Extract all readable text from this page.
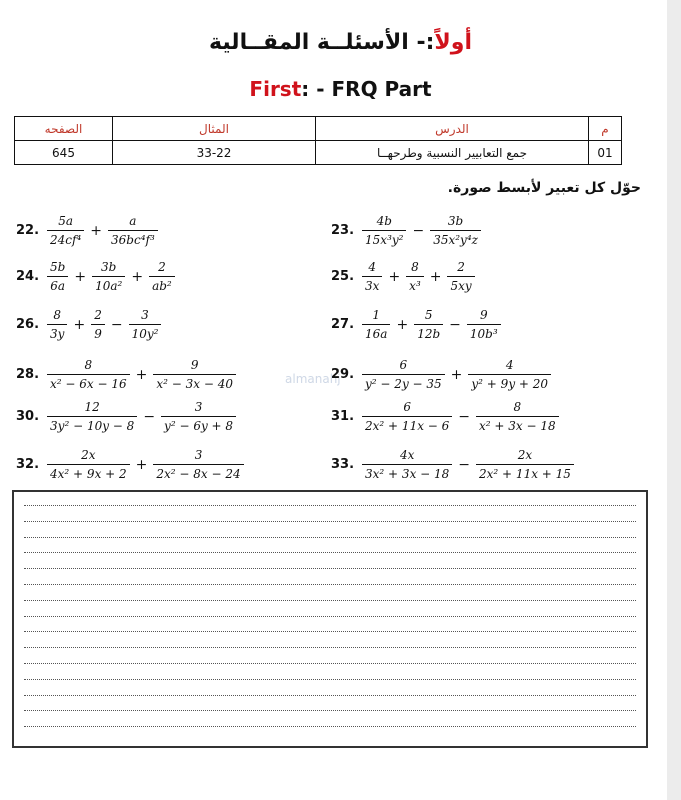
أولاً:- الأسئلــة المقــالية
First: - FRQ Part
م	الدرس	المثال	الصفحه
01	جمع التعابيير النسبية وطرحهــا	33-22	645
حوّل كل تعبير لأبسط صورة.
almanahj
22. $\frac{5a}{\text{24cf⁴}} + \frac{a}{\text{36bc⁴f³}}$	23. $\frac{4b}{\text{15x³y²}} - \frac{3b}{\text{35x²y⁴z}}$
24. $\frac{5b}{6a} + \frac{3b}{\text{10a²}} + \frac{2}{\text{ab²}}$	25. $\frac{4}{3x} + \frac{8}{\text{x³}} + \frac{2}{5xy}$
26. $\frac{8}{3y} + \frac{2}{9} - \frac{3}{\text{10y²}}$	27. $\frac{1}{16a} + \frac{5}{12b} - \frac{9}{\text{10b³}}$
28. $\frac{8}{\text{x² − 6x − 16}} + \frac{9}{\text{x² − 3x − 40}}$	29. $\frac{6}{\text{y² − 2y − 35}} + \frac{4}{\text{y² + 9y + 20}}$
30. $\frac{12}{\text{3y² − 10y − 8}} - \frac{3}{\text{y² − 6y + 8}}$	31. $\frac{6}{\text{2x² + 11x − 6}} - \frac{8}{\text{x² + 3x − 18}}$
32. $\frac{2x}{\text{4x² + 9x + 2}} + \frac{3}{\text{2x² − 8x − 24}}$	33. $\frac{4x}{\text{3x² + 3x − 18}} - \frac{2x}{\text{2x² + 11x + 15}}$
